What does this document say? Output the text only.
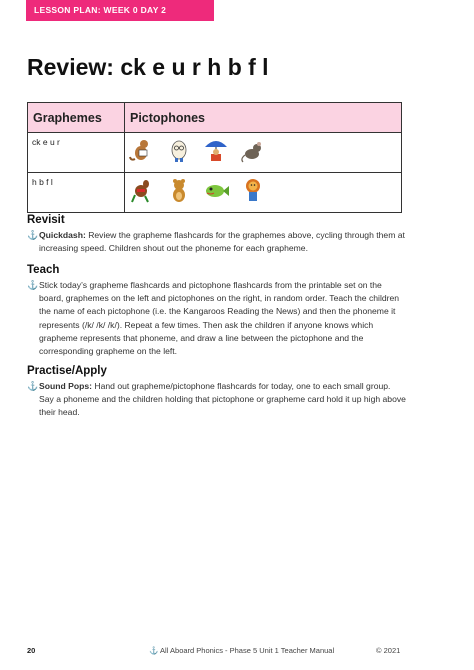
LESSON PLAN: WEEK 0 DAY 2
Review: ck e u r h b f l
Graphemes	Pictophones
ck e u r	

h b f l	
Revisit

⚓ Quickdash: Review the grapheme flashcards for the graphemes above, cycling through them at increasing speed. Children shout out the phoneme for each grapheme.

Teach

⚓ Stick today’s grapheme flashcards and pictophone flashcards from the printable set on the board, graphemes on the left and pictophones on the right, in random order. Teach the children the name of each pictophone (i.e. the Kangaroos Reading the News) and then the phoneme it represents (/k/ /k/ /k/). Repeat a few times. Then ask the children if anyone knows which grapheme represents that phoneme, and draw a line between the pictophone and the corresponding grapheme on the left.

Practise/Apply

⚓ Sound Pops: Hand out grapheme/pictophone flashcards for today, one to each small group. Say a phoneme and the children holding that pictophone or grapheme card hold it up high above their head.

20	⚓ All Aboard Phonics - Phase 5 Unit 1 Teacher Manual	© 2021
